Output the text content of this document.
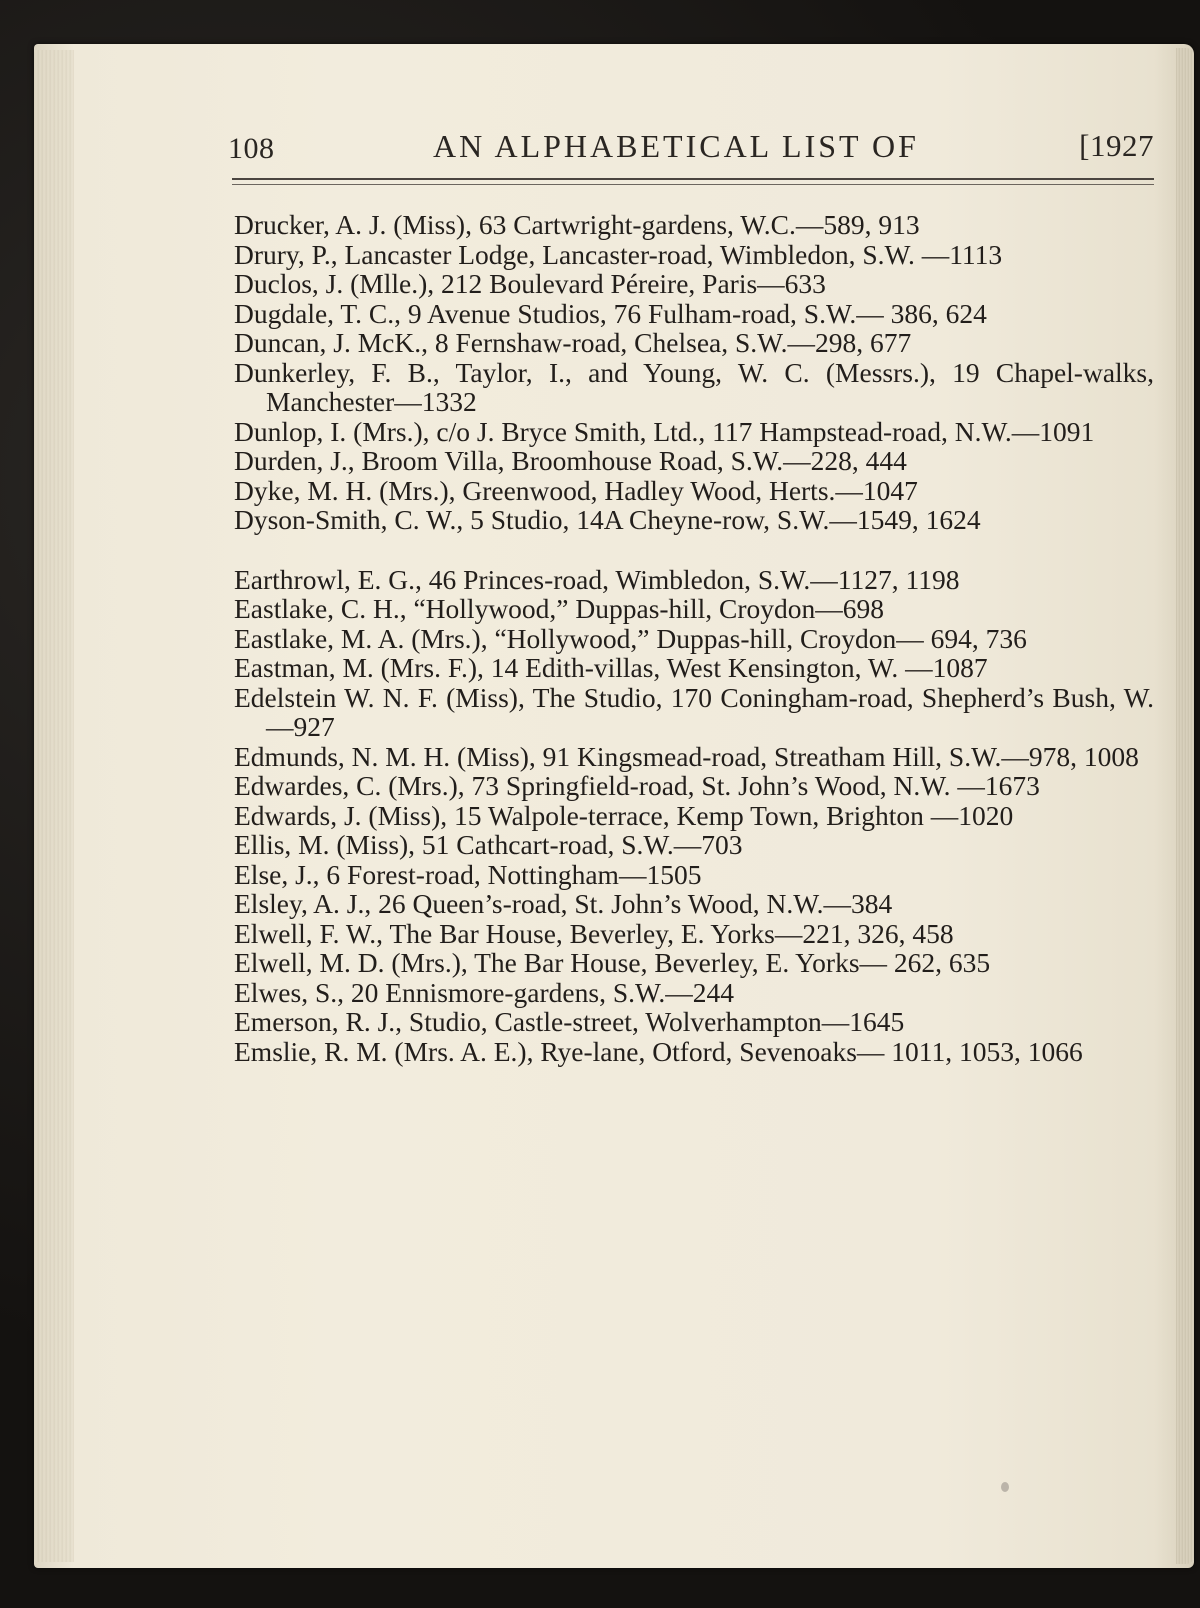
108	AN ALPHABETICAL LIST OF	[1927
Drucker, A. J. (Miss), 63 Cartwright-gardens, W.C.—589, 913
Drury, P., Lancaster Lodge, Lancaster-road, Wimbledon, S.W. —1113
Duclos, J. (Mlle.), 212 Boulevard Péreire, Paris—633
Dugdale, T. C., 9 Avenue Studios, 76 Fulham-road, S.W.— 386, 624
Duncan, J. McK., 8 Fernshaw-road, Chelsea, S.W.—298, 677
Dunkerley, F. B., Taylor, I., and Young, W. C. (Messrs.), 19 Chapel-walks, Manchester—1332
Dunlop, I. (Mrs.), c/o J. Bryce Smith, Ltd., 117 Hampstead-road, N.W.—1091
Durden, J., Broom Villa, Broomhouse Road, S.W.—228, 444
Dyke, M. H. (Mrs.), Greenwood, Hadley Wood, Herts.—1047
Dyson-Smith, C. W., 5 Studio, 14A Cheyne-row, S.W.—1549, 1624
Earthrowl, E. G., 46 Princes-road, Wimbledon, S.W.—1127, 1198
Eastlake, C. H., “Hollywood,” Duppas-hill, Croydon—698
Eastlake, M. A. (Mrs.), “Hollywood,” Duppas-hill, Croydon— 694, 736
Eastman, M. (Mrs. F.), 14 Edith-villas, West Kensington, W. —1087
Edelstein W. N. F. (Miss), The Studio, 170 Coningham-road, Shepherd’s Bush, W.—927
Edmunds, N. M. H. (Miss), 91 Kingsmead-road, Streatham Hill, S.W.—978, 1008
Edwardes, C. (Mrs.), 73 Springfield-road, St. John’s Wood, N.W. —1673
Edwards, J. (Miss), 15 Walpole-terrace, Kemp Town, Brighton —1020
Ellis, M. (Miss), 51 Cathcart-road, S.W.—703
Else, J., 6 Forest-road, Nottingham—1505
Elsley, A. J., 26 Queen’s-road, St. John’s Wood, N.W.—384
Elwell, F. W., The Bar House, Beverley, E. Yorks—221, 326, 458
Elwell, M. D. (Mrs.), The Bar House, Beverley, E. Yorks— 262, 635
Elwes, S., 20 Ennismore-gardens, S.W.—244
Emerson, R. J., Studio, Castle-street, Wolverhampton—1645
Emslie, R. M. (Mrs. A. E.), Rye-lane, Otford, Sevenoaks— 1011, 1053, 1066
